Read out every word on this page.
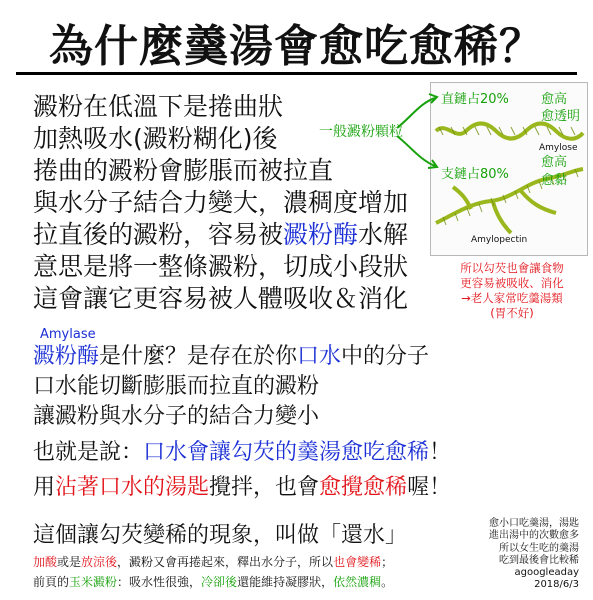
為什麼羹湯會愈吃愈稀？
澱粉在低溫下是捲曲狀
加熱吸水(澱粉糊化)後
捲曲的澱粉會膨脹而被拉直
與水分子結合力變大，濃稠度增加
拉直後的澱粉，容易被澱粉酶水解
意思是將一整條澱粉，切成小段狀
這會讓它更容易被人體吸收＆消化
一般澱粉顆粒
直鏈占20% 愈高
愈透明
Amylose
支鏈占80%
愈高
愈黏
Amylopectin
所以勾芡也會讓食物
更容易被吸收、消化
→老人家常吃羹湯類
(胃不好)
Amylase
澱粉酶是什麼？是存在於你口水中的分子
口水能切斷膨脹而拉直的澱粉
讓澱粉與水分子的結合力變小
也就是說：口水會讓勾芡的羹湯愈吃愈稀！
用沾著口水的湯匙攪拌，也會愈攪愈稀喔！
這個讓勾芡變稀的現象，叫做「還水」
加酸或是放涼後，澱粉又會再捲起來，釋出水分子，所以也會變稀；
前頁的玉米澱粉：吸水性很強，冷卻後還能維持凝膠狀，依然濃稠。
愈小口吃羹湯，湯匙
進出湯中的次數愈多
所以女生吃的羹湯
吃到最後會比較稀
agoogleaday
2018/6/3
